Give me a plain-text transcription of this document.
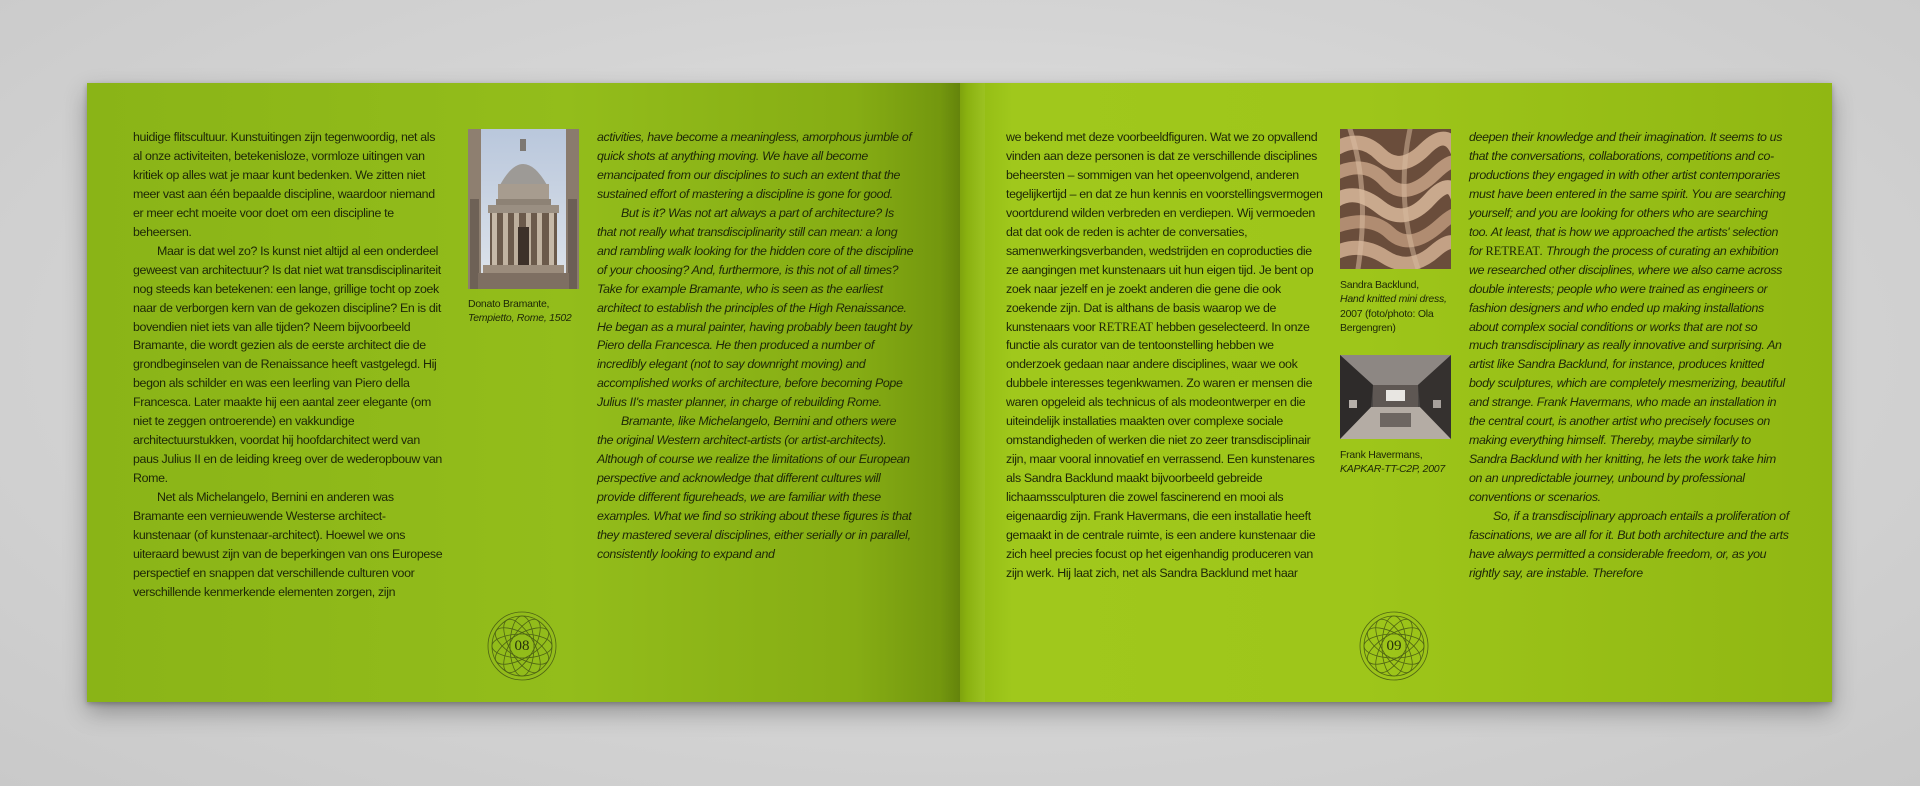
huidige flitscultuur. Kunstuitingen zijn tegenwoordig, net als al onze activiteiten, betekenisloze, vormloze uitingen van kritiek op alles wat je maar kunt bedenken. We zitten niet meer vast aan één bepaalde discipline, waardoor niemand er meer echt moeite voor doet om een discipline te beheersen.

Maar is dat wel zo? Is kunst niet altijd al een onderdeel geweest van architectuur? Is dat niet wat transdisciplinariteit nog steeds kan betekenen: een lange, grillige tocht op zoek naar de verborgen kern van de gekozen discipline? En is dit bovendien niet iets van alle tijden? Neem bijvoorbeeld Bramante, die wordt gezien als de eerste architect die de grondbeginselen van de Renaissance heeft vastgelegd. Hij begon als schilder en was een leerling van Piero della Francesca. Later maakte hij een aantal zeer elegante (om niet te zeggen ontroerende) en vakkundige architectuurstukken, voordat hij hoofdarchitect werd van paus Julius II en de leiding kreeg over de wederopbouw van Rome.

Net als Michelangelo, Bernini en anderen was Bramante een vernieuwende Westerse architect-kunstenaar (of kunstenaar-architect). Hoewel we ons uiteraard bewust zijn van de beperkingen van ons Europese perspectief en snappen dat verschillende culturen voor verschillende kenmerkende elementen zorgen, zijn

Donato Bramante,
Tempietto, Rome, 1502

activities, have become a meaningless, amorphous jumble of quick shots at anything moving. We have all become emancipated from our disciplines to such an extent that the sustained effort of mastering a discipline is gone for good.

But is it? Was not art always a part of architecture? Is that not really what transdisciplinarity still can mean: a long and rambling walk looking for the hidden core of the discipline of your choosing? And, furthermore, is this not of all times? Take for example Bramante, who is seen as the earliest architect to establish the principles of the High Renaissance. He began as a mural painter, having probably been taught by Piero della Francesca. He then produced a number of incredibly elegant (not to say downright moving) and accomplished works of architecture, before becoming Pope Julius II's master planner, in charge of rebuilding Rome.

Bramante, like Michelangelo, Bernini and others were the original Western architect-artists (or artist-architects). Although of course we realize the limitations of our European perspective and acknowledge that different cultures will provide different figureheads, we are familiar with these examples. What we find so striking about these figures is that they mastered several disciplines, either serially or in parallel, consistently looking to expand and

08

we bekend met deze voorbeeldfiguren. Wat we zo opvallend vinden aan deze personen is dat ze verschillende disciplines beheersten – sommigen van het opeenvolgend, anderen tegelijkertijd – en dat ze hun kennis en voorstellingsvermogen voortdurend wilden verbreden en verdiepen. Wij vermoeden dat dat ook de reden is achter de conversaties, samenwerkingsverbanden, wedstrijden en coproducties die ze aangingen met kunstenaars uit hun eigen tijd. Je bent op zoek naar jezelf en je zoekt anderen die gene die ook zoekende zijn. Dat is althans de basis waarop we de kunstenaars voor RETREAT hebben geselecteerd. In onze functie als curator van de tentoonstelling hebben we onderzoek gedaan naar andere disciplines, waar we ook dubbele interesses tegenkwamen. Zo waren er mensen die waren opgeleid als technicus of als modeontwerper en die uiteindelijk installaties maakten over complexe sociale omstandigheden of werken die niet zo zeer transdisciplinair zijn, maar vooral innovatief en verrassend. Een kunstenares als Sandra Backlund maakt bijvoorbeeld gebreide lichaamssculpturen die zowel fascinerend en mooi als eigenaardig zijn. Frank Havermans, die een installatie heeft gemaakt in de centrale ruimte, is een andere kunstenaar die zich heel precies focust op het eigenhandig produceren van zijn werk. Hij laat zich, net als Sandra Backlund met haar

Sandra Backlund,
Hand knitted mini dress,
2007 (foto/photo: Ola Bergengren)
Frank Havermans,
KAPKAR-TT-C2P, 2007

deepen their knowledge and their imagination. It seems to us that the conversations, collaborations, competitions and co-productions they engaged in with other artist contemporaries must have been entered in the same spirit. You are searching yourself; and you are looking for others who are searching too. At least, that is how we approached the artists' selection for RETREAT. Through the process of curating an exhibition we researched other disciplines, where we also came across double interests; people who were trained as engineers or fashion designers and who ended up making installations about complex social conditions or works that are not so much transdisciplinary as really innovative and surprising. An artist like Sandra Backlund, for instance, produces knitted body sculptures, which are completely mesmerizing, beautiful and strange. Frank Havermans, who made an installation in the central court, is another artist who precisely focuses on making everything himself. Thereby, maybe similarly to Sandra Backlund with her knitting, he lets the work take him on an unpredictable journey, unbound by professional conventions or scenarios.

So, if a transdisciplinary approach entails a proliferation of fascinations, we are all for it. But both architecture and the arts have always permitted a considerable freedom, or, as you rightly say, are instable. Therefore

09
